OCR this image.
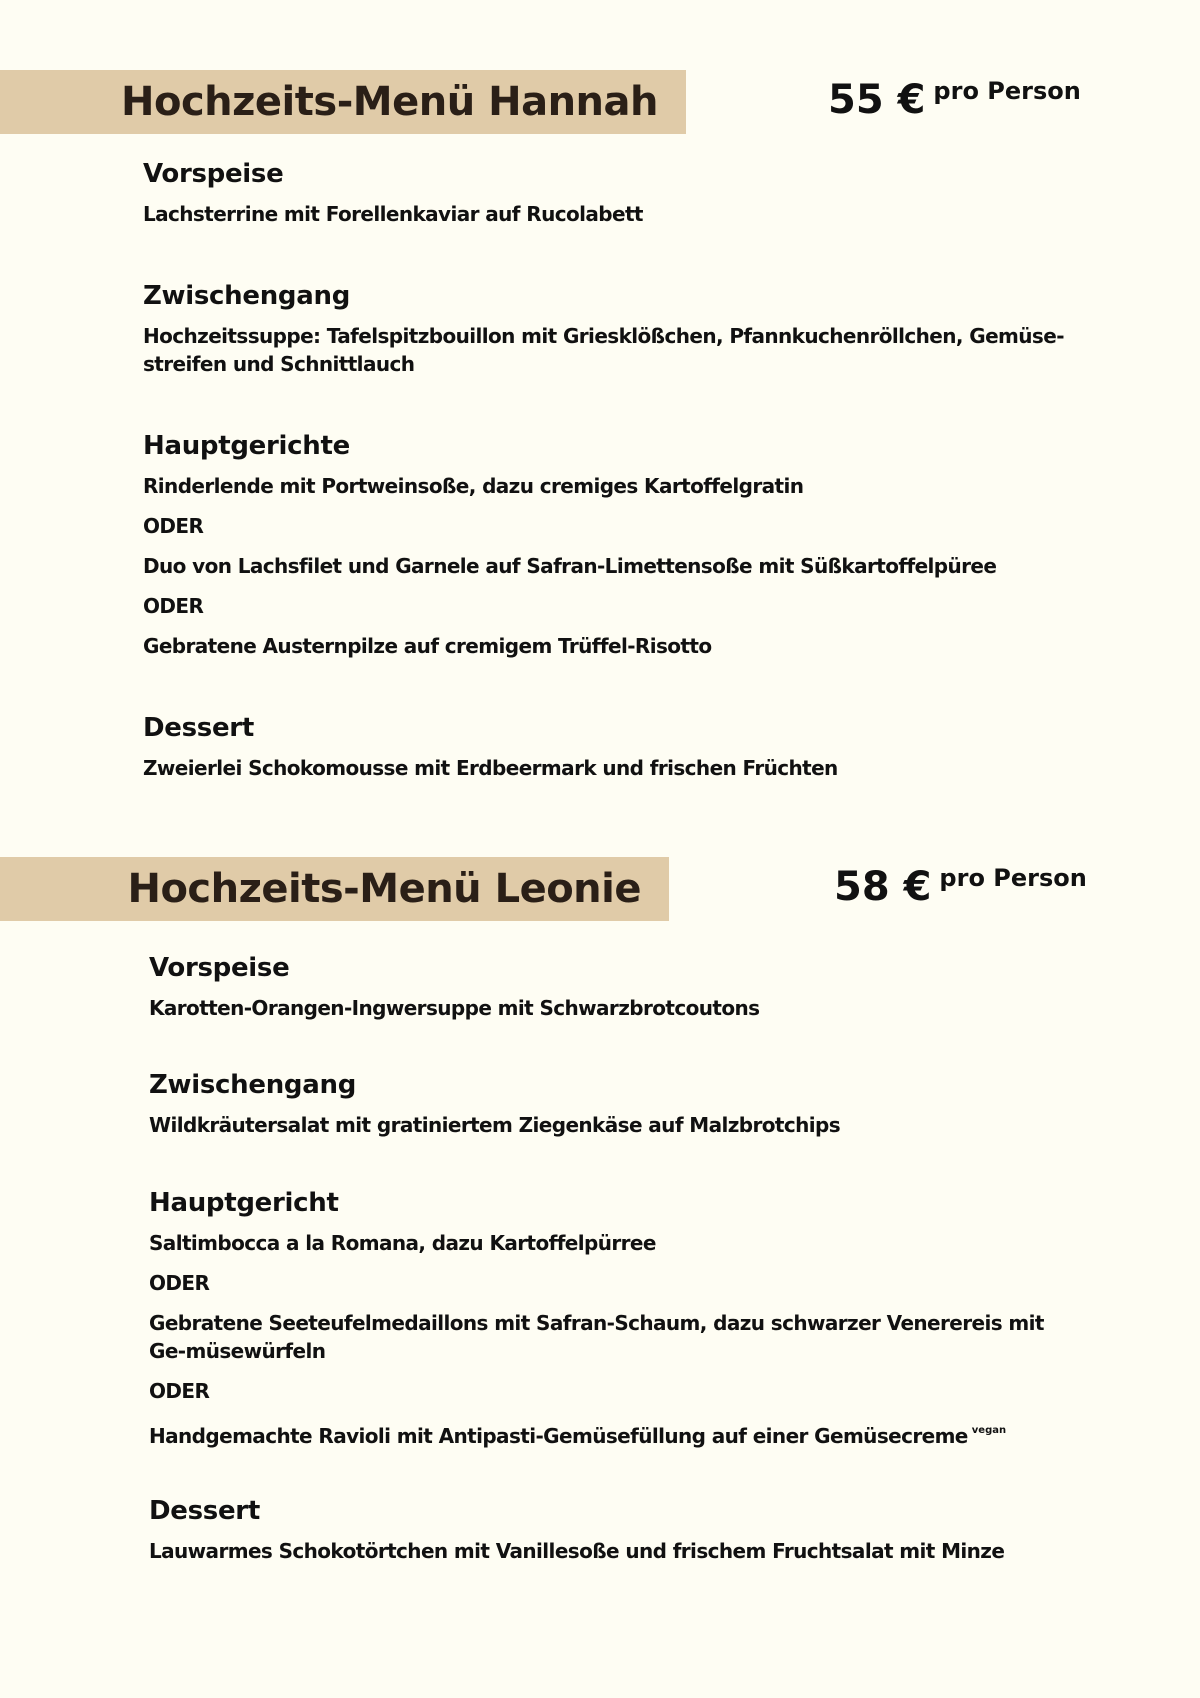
Hochzeits-Menü Hannah	55 € pro Person
Vorspeise
Lachsterrine mit Forellenkaviar auf Rucolabett
Zwischengang
Hochzeitssuppe: Tafelspitzbouillon mit Griesklößchen, Pfannkuchenröllchen, Gemüse-streifen und Schnittlauch
Hauptgerichte
Rinderlende mit Portweinsoße, dazu cremiges Kartoffelgratin
ODER
Duo von Lachsfilet und Garnele auf Safran-Limettensoße mit Süßkartoffelpüree
ODER
Gebratene Austernpilze auf cremigem Trüffel-Risotto
Dessert
Zweierlei Schokomousse mit Erdbeermark und frischen Früchten
Hochzeits-Menü Leonie	58 € pro Person
Vorspeise
Karotten-Orangen-Ingwersuppe mit Schwarzbrotcoutons
Zwischengang
Wildkräutersalat mit gratiniertem Ziegenkäse auf Malzbrotchips
Hauptgericht
Saltimbocca a la Romana, dazu Kartoffelpürree
ODER
Gebratene Seeteufelmedaillons mit Safran-Schaum, dazu schwarzer Venerereis mit Ge-müsewürfeln
ODER
Handgemachte Ravioli mit Antipasti-Gemüsefüllung auf einer Gemüsecreme $^{vegan}$
Dessert
Lauwarmes Schokotörtchen mit Vanillesoße und frischem Fruchtsalat mit Minze
